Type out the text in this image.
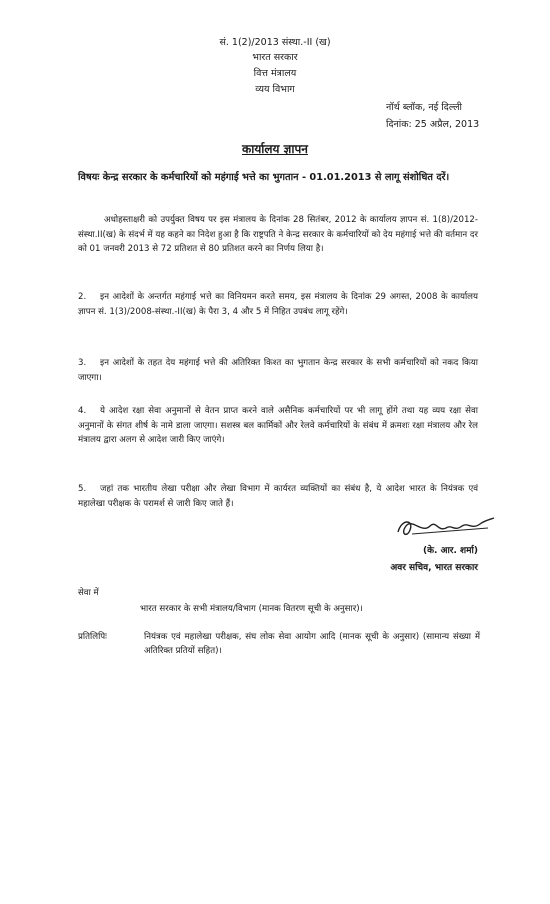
सं. 1(2)/2013 संस्था.-II (ख)
भारत सरकार
वित्त मंत्रालय
व्यय विभाग
नॉर्थ ब्लॉक, नई दिल्ली
दिनांक: 25 अप्रैल, 2013
कार्यालय ज्ञापन
विषयः केन्द्र सरकार के कर्मचारियों को महंगाई भत्ते का भुगतान - 01.01.2013 से लागू संशोधित दरें।
अधोहस्ताक्षरी को उपर्युक्त विषय पर इस मंत्रालय के दिनांक 28 सितंबर, 2012 के कार्यालय ज्ञापन सं. 1(8)/2012-संस्था.II(ख) के संदर्भ में यह कहने का निदेश हुआ है कि राष्ट्रपति ने केन्द्र सरकार के कर्मचारियों को देय महंगाई भत्ते की वर्तमान दर को 01 जनवरी 2013 से 72 प्रतिशत से 80 प्रतिशत करने का निर्णय लिया है।
2. इन आदेशों के अन्तर्गत महंगाई भत्ते का विनियमन करते समय, इस मंत्रालय के दिनांक 29 अगस्त, 2008 के कार्यालय ज्ञापन सं. 1(3)/2008-संस्था.-II(ख) के पैरा 3, 4 और 5 में निहित उपबंध लागू रहेंगे।
3. इन आदेशों के तहत देय महंगाई भत्ते की अतिरिक्त किश्त का भुगतान केन्द्र सरकार के सभी कर्मचारियों को नकद किया जाएगा।
4. ये आदेश रक्षा सेवा अनुमानों से वेतन प्राप्त करने वाले असैनिक कर्मचारियों पर भी लागू होंगे तथा यह व्यय रक्षा सेवा अनुमानों के संगत शीर्ष के नामे डाला जाएगा। सशस्त्र बल कार्मिकों और रेलवे कर्मचारियों के संबंध में क्रमशः रक्षा मंत्रालय और रेल मंत्रालय द्वारा अलग से आदेश जारी किए जाएंगे।
5. जहां तक भारतीय लेखा परीक्षा और लेखा विभाग में कार्यरत व्यक्तियों का संबंध है, ये आदेश भारत के नियंत्रक एवं महालेखा परीक्षक के परामर्श से जारी किए जाते हैं।
(के. आर. शर्मा)
अवर सचिव, भारत सरकार
सेवा में
भारत सरकार के सभी मंत्रालय/विभाग (मानक वितरण सूची के अनुसार)।
प्रतिलिपिः	नियंत्रक एवं महालेखा परीक्षक, संघ लोक सेवा आयोग आदि (मानक सूची के अनुसार) (सामान्य संख्या में अतिरिक्त प्रतियों सहित)।
